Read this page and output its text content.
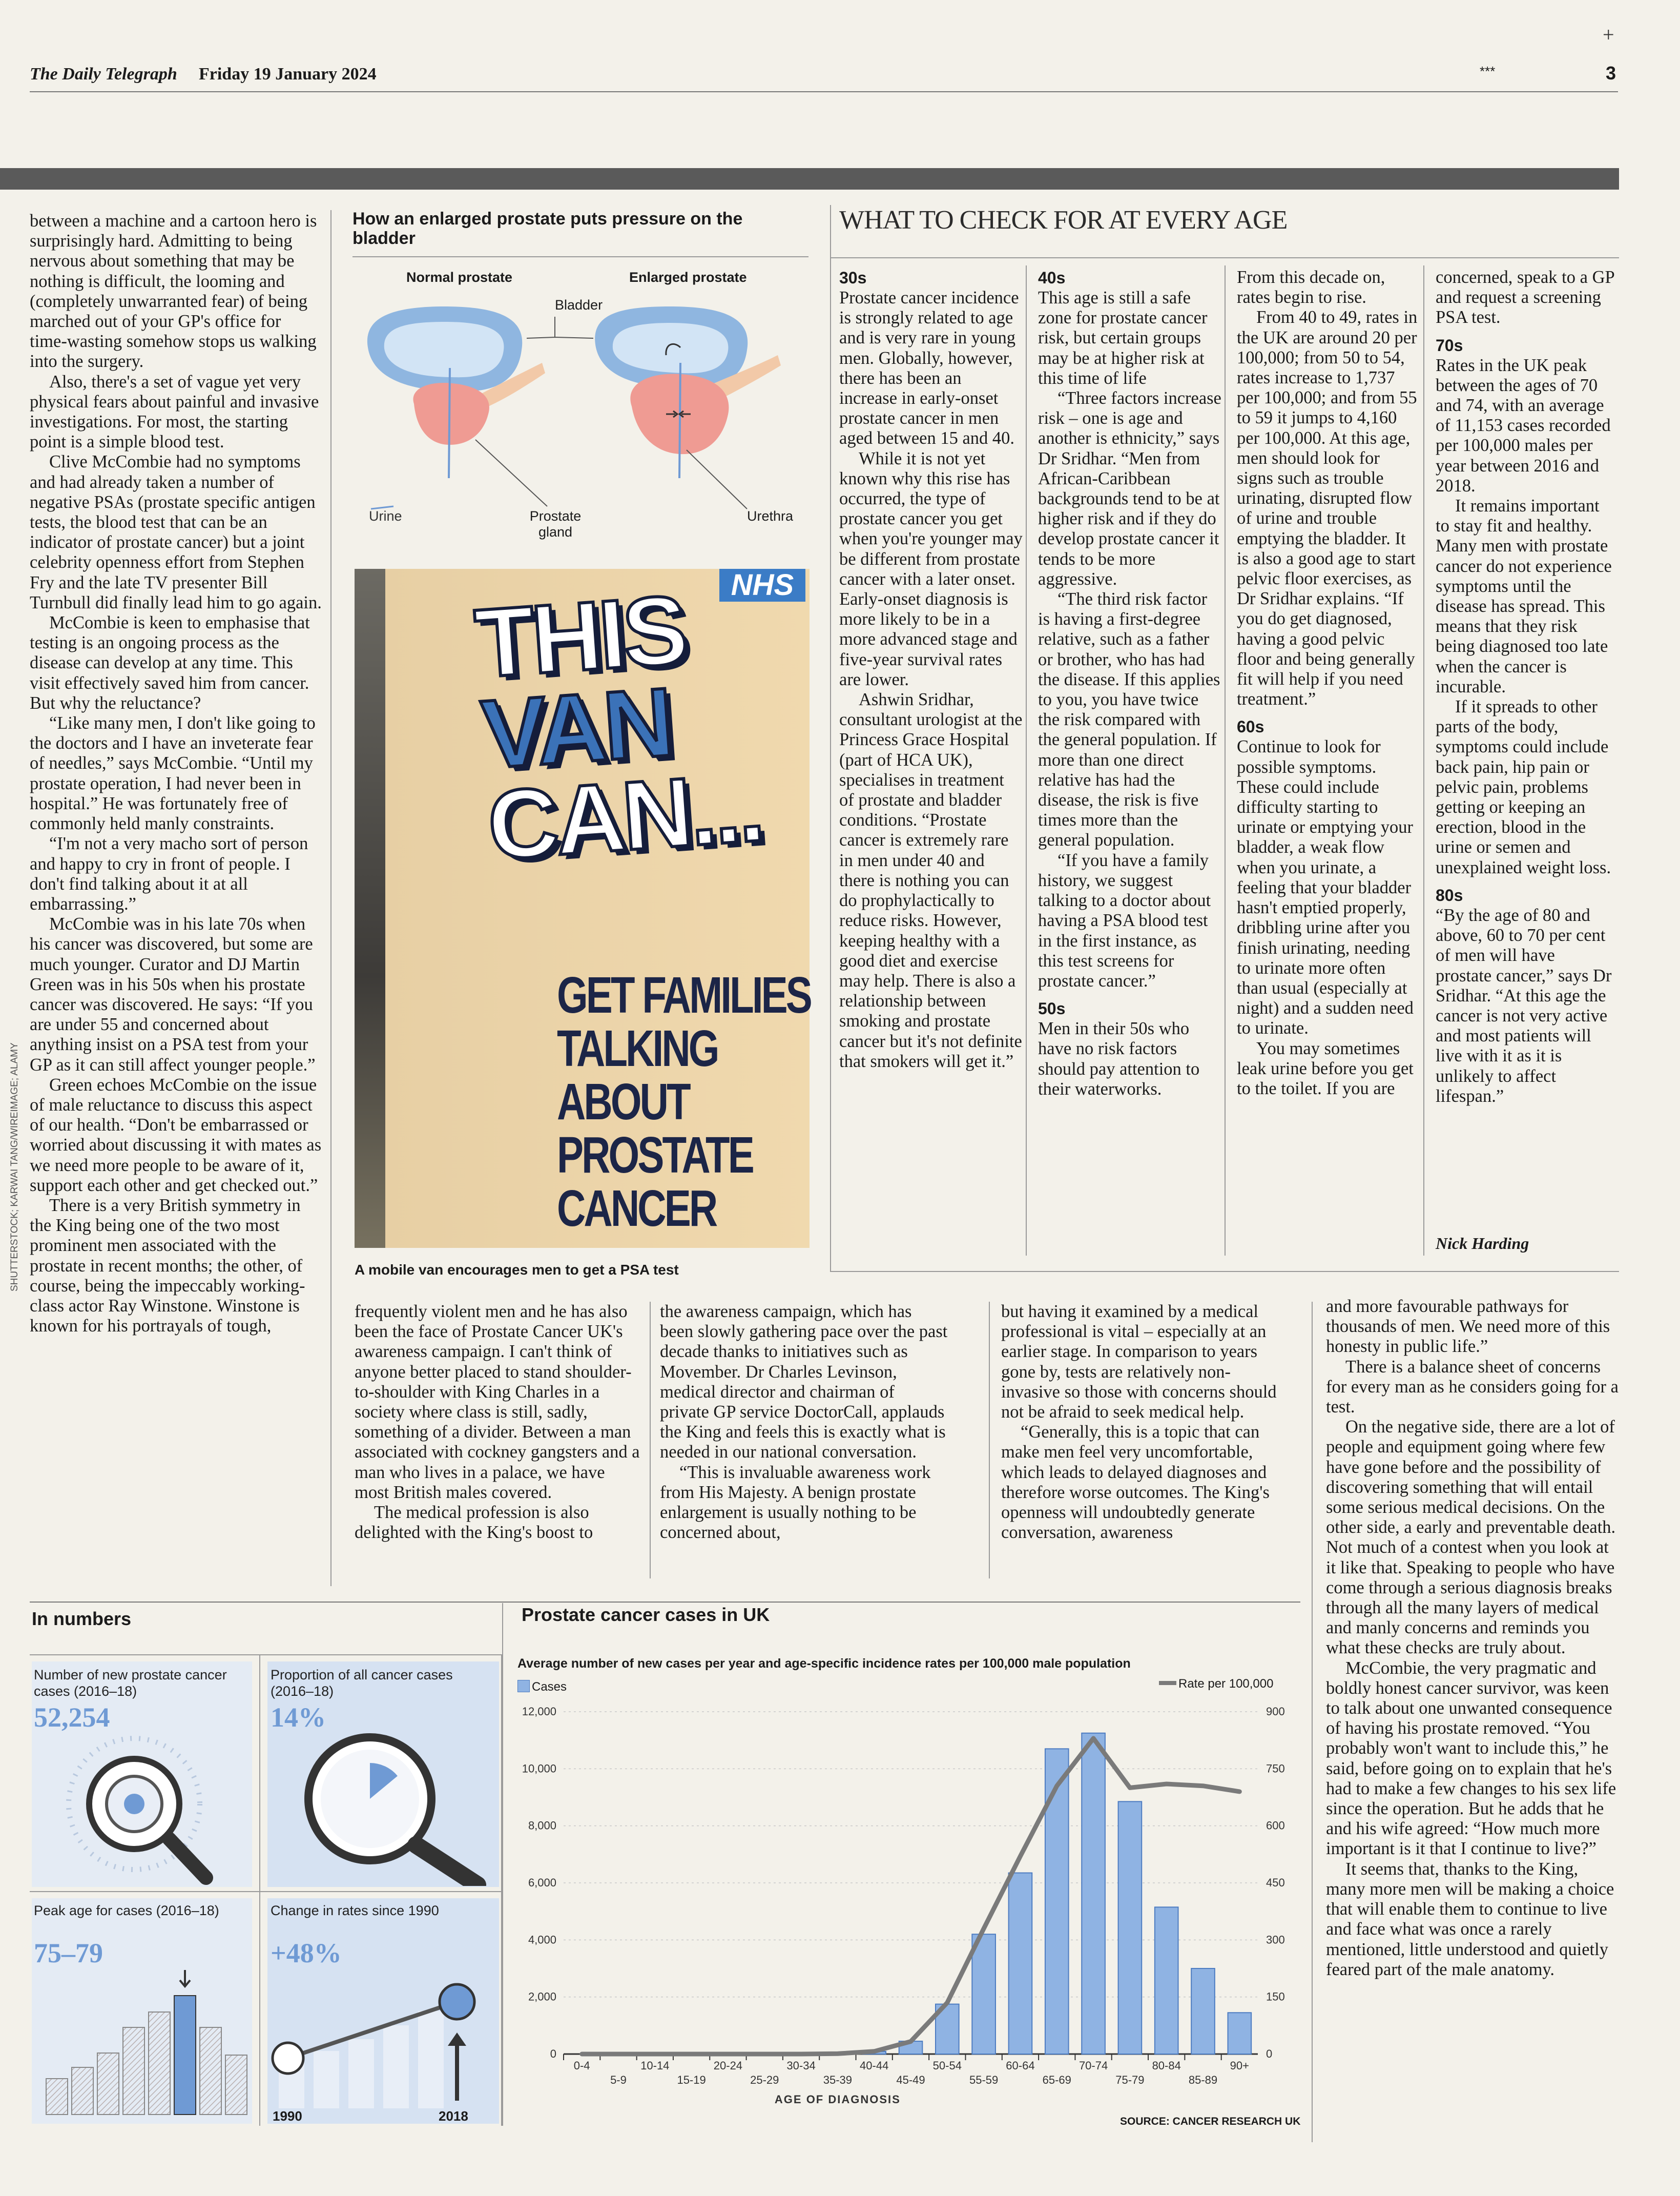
The Daily Telegraph Friday 19 January 2024	***	3
+

between a machine and a cartoon hero is surprisingly hard. Admitting to being nervous about something that may be nothing is difficult, the looming and (completely unwarranted fear) of being marched out of your GP's office for time-wasting somehow stops us walking into the surgery.

Also, there's a set of vague yet very physical fears about painful and invasive investigations. For most, the starting point is a simple blood test.

Clive McCombie had no symptoms and had already taken a number of negative PSAs (prostate specific antigen tests, the blood test that can be an indicator of prostate cancer) but a joint celebrity openness effort from Stephen Fry and the late TV presenter Bill Turnbull did finally lead him to go again.

McCombie is keen to emphasise that testing is an ongoing process as the disease can develop at any time. This visit effectively saved him from cancer. But why the reluctance?

“Like many men, I don't like going to the doctors and I have an inveterate fear of needles,” says McCombie. “Until my prostate operation, I had never been in hospital.” He was fortunately free of commonly held manly constraints.

“I'm not a very macho sort of person and happy to cry in front of people. I don't find talking about it at all embarrassing.”

McCombie was in his late 70s when his cancer was discovered, but some are much younger. Curator and DJ Martin Green was in his 50s when his prostate cancer was discovered. He says: “If you are under 55 and concerned about anything insist on a PSA test from your GP as it can still affect younger people.”

Green echoes McCombie on the issue of male reluctance to discuss this aspect of our health. “Don't be embarrassed or worried about discussing it with mates as we need more people to be aware of it, support each other and get checked out.”

There is a very British symmetry in the King being one of the two most prominent men associated with the prostate in recent months; the other, of course, being the impeccably working-class actor Ray Winstone. Winstone is known for his portrayals of tough,

SHUTTERSTOCK; KARWAI TANG/WIREIMAGE; ALAMY
How an enlarged prostate puts pressure on the bladder
Normal prostate	Enlarged prostate
Bladder
Urine	Prostate gland
Urethra
NHS
THIS
VAN
CAN...
GET FAMILIES
TALKING
ABOUT
PROSTATE
CANCER
A mobile van encourages men to get a PSA test
WHAT TO CHECK FOR AT EVERY AGE
30s

Prostate cancer incidence is strongly related to age and is very rare in young men. Globally, however, there has been an increase in early-onset prostate cancer in men aged between 15 and 40.

While it is not yet known why this rise has occurred, the type of prostate cancer you get when you're younger may be different from prostate cancer with a later onset. Early-onset diagnosis is more likely to be in a more advanced stage and five-year survival rates are lower.

Ashwin Sridhar, consultant urologist at the Princess Grace Hospital (part of HCA UK), specialises in treatment of prostate and bladder conditions. “Prostate cancer is extremely rare in men under 40 and there is nothing you can do prophylactically to reduce risks. However, keeping healthy with a good diet and exercise may help. There is also a relationship between smoking and prostate cancer but it's not definite that smokers will get it.”

40s

This age is still a safe zone for prostate cancer risk, but certain groups may be at higher risk at this time of life

“Three factors increase risk – one is age and another is ethnicity,” says Dr Sridhar. “Men from African-Caribbean backgrounds tend to be at higher risk and if they do develop prostate cancer it tends to be more aggressive.

“The third risk factor is having a first-degree relative, such as a father or brother, who has had the disease. If this applies to you, you have twice the risk compared with the general population. If more than one direct relative has had the disease, the risk is five times more than the general population.

“If you have a family history, we suggest talking to a doctor about having a PSA blood test in the first instance, as this test screens for prostate cancer.”

50s

Men in their 50s who have no risk factors should pay attention to their waterworks.

From this decade on, rates begin to rise.

From 40 to 49, rates in the UK are around 20 per 100,000; from 50 to 54, rates increase to 1,737 per 100,000; and from 55 to 59 it jumps to 4,160 per 100,000. At this age, men should look for signs such as trouble urinating, disrupted flow of urine and trouble emptying the bladder. It is also a good age to start pelvic floor exercises, as Dr Sridhar explains. “If you do get diagnosed, having a good pelvic floor and being generally fit will help if you need treatment.”

60s

Continue to look for possible symptoms. These could include difficulty starting to urinate or emptying your bladder, a weak flow when you urinate, a feeling that your bladder hasn't emptied properly, dribbling urine after you finish urinating, needing to urinate more often than usual (especially at night) and a sudden need to urinate.

You may sometimes leak urine before you get to the toilet. If you are

concerned, speak to a GP and request a screening PSA test.

70s

Rates in the UK peak between the ages of 70 and 74, with an average of 11,153 cases recorded per 100,000 males per year between 2016 and 2018.

It remains important to stay fit and healthy. Many men with prostate cancer do not experience symptoms until the disease has spread. This means that they risk being diagnosed too late when the cancer is incurable.

If it spreads to other parts of the body, symptoms could include back pain, hip pain or pelvic pain, problems getting or keeping an erection, blood in the urine or semen and unexplained weight loss.

80s

“By the age of 80 and above, 60 to 70 per cent of men will have prostate cancer,” says Dr Sridhar. “At this age the cancer is not very active and most patients will live with it as it is unlikely to affect lifespan.”

Nick Harding

frequently violent men and he has also been the face of Prostate Cancer UK's awareness campaign. I can't think of anyone better placed to stand shoulder-to-shoulder with King Charles in a society where class is still, sadly, something of a divider. Between a man associated with cockney gangsters and a man who lives in a palace, we have most British males covered.

The medical profession is also delighted with the King's boost to

the awareness campaign, which has been slowly gathering pace over the past decade thanks to initiatives such as Movember. Dr Charles Levinson, medical director and chairman of private GP service DoctorCall, applauds the King and feels this is exactly what is needed in our national conversation.

“This is invaluable awareness work from His Majesty. A benign prostate enlargement is usually nothing to be concerned about,

but having it examined by a medical professional is vital – especially at an earlier stage. In comparison to years gone by, tests are relatively non-invasive so those with concerns should not be afraid to seek medical help.

“Generally, this is a topic that can make men feel very uncomfortable, which leads to delayed diagnoses and therefore worse outcomes. The King's openness will undoubtedly generate conversation, awareness

and more favourable pathways for thousands of men. We need more of this honesty in public life.”

There is a balance sheet of concerns for every man as he considers going for a test.

On the negative side, there are a lot of people and equipment going where few have gone before and the possibility of discovering something that will entail some serious medical decisions. On the other side, a early and preventable death. Not much of a contest when you look at it like that. Speaking to people who have come through a serious diagnosis breaks through all the many layers of medical and manly concerns and reminds you what these checks are truly about.

McCombie, the very pragmatic and boldly honest cancer survivor, was keen to talk about one unwanted consequence of having his prostate removed. “You probably won't want to include this,” he said, before going on to explain that he's had to make a few changes to his sex life since the operation. But he adds that he and his wife agreed: “How much more important is it that I continue to live?”

It seems that, thanks to the King, many more men will be making a choice that will enable them to continue to live and face what was once a rarely mentioned, little understood and quietly feared part of the male anatomy.

In numbers
Number of new prostate cancer cases (2016–18)
52,254
Proportion of all cancer cases (2016–18)
14%
Peak age for cases (2016–18)
75–79
Change in rates since 1990
+48%
1990	2018
Prostate cancer cases in UK
Average number of new cases per year and age-specific incidence rates per 100,000 male population
Cases	Rate per 100,000
0
2,000
4,000
6,000
8,000
10,000
12,000
0
150
300
450
600
750
900
0-4
5-9
10-14
15-19
20-24
25-29
30-34
35-39
40-44
45-49
50-54
55-59
60-64
65-69
70-74
75-79
80-84
85-89
90+
AGE OF DIAGNOSIS
SOURCE: CANCER RESEARCH UK
